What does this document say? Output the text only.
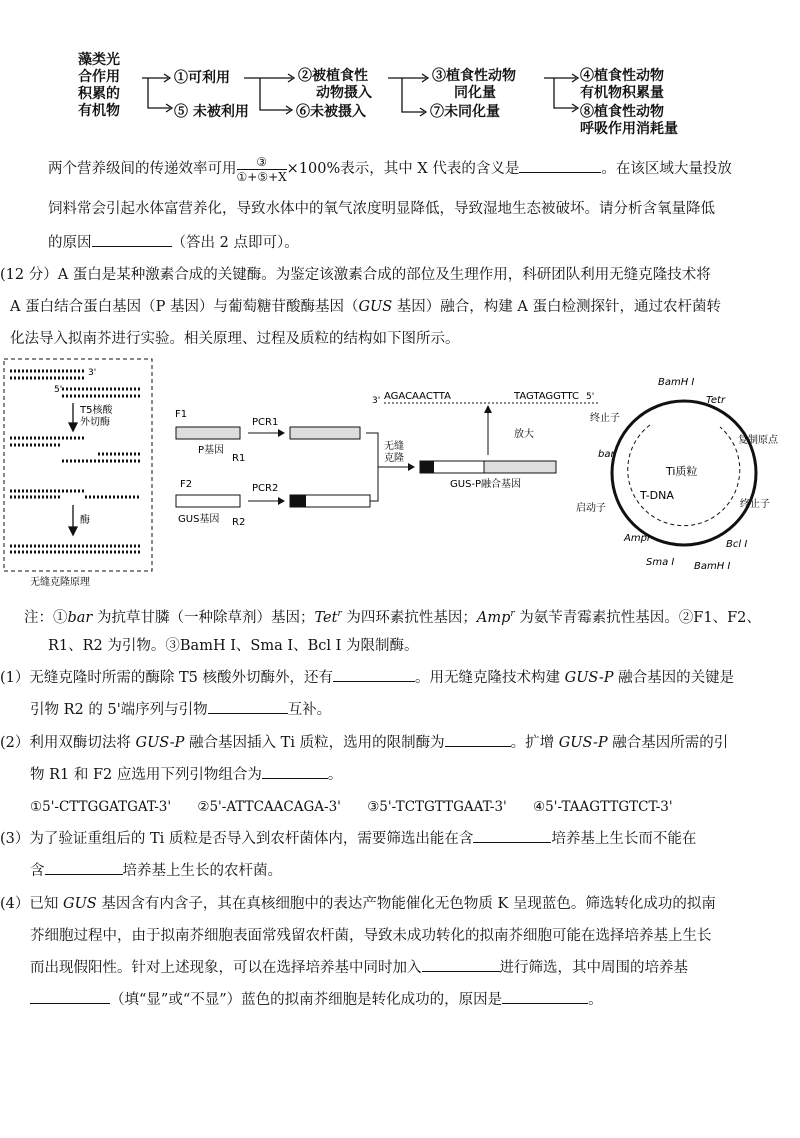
藻类光
合作用
积累的
有机物
①可利用
⑤ 未被利用
②被植食性
动物摄入
⑥未被摄入
③植食性动物
同化量
⑦未同化量
④植食性动物
有机物积累量
⑧植食性动物
呼吸作用消耗量
两个营养级间的传递效率可用 $\frac{\text{③}}{\text{①+⑤+X}} \times 100\%$表示，其中 X 代表的含义是	。在该区域大量投放
饲料常会引起水体富营养化，导致水体中的氧气浓度明显降低，导致湿地生态被破坏。请分析含氧量降低
的原因	（答出 2 点即可）。
(12 分）A 蛋白是某种激素合成的关键酶。为鉴定该激素合成的部位及生理作用，科研团队利用无缝克隆技术将
A 蛋白结合蛋白基因（P 基因）与葡萄糖苷酸酶基因（GUS 基因）融合，构建 A 蛋白检测探针，通过农杆菌转
化法导入拟南芥进行实验。相关原理、过程及质粒的结构如下图所示。
3'
5'
T5核酸
外切酶
酶
无缝克隆原理
F1
P基因
R1
PCR1
F2
GUS基因 R2
PCR2
无缝
克隆
GUS-P融合基因
放大
3' AGACAACTTA	TAGTAGGTTC 5'
Ti质粒
T-DNA
BamH I
Tetr
终止子
复制原点
bar
终止子
启动子
Ampr
Sma I
Bcl I
BamH I
注：①bar 为抗草甘膦（一种除草剂）基因；Tet$^r$ 为四环素抗性基因；Amp$^r$ 为氨苄青霉素抗性基因。②F1、F2、
R1、R2 为引物。③BamH I、Sma I、Bcl I 为限制酶。
(1）无缝克隆时所需的酶除 T5 核酸外切酶外，还有	。用无缝克隆技术构建 GUS-P 融合基因的关键是
引物 R2 的 5'端序列与引物	互补。
(2）利用双酶切法将 GUS-P 融合基因插入 Ti 质粒，选用的限制酶为	。扩增 GUS-P 融合基因所需的引
物 R1 和 F2 应选用下列引物组合为	。
①5'-CTTGGATGAT-3' ②5'-ATTCAACAGA-3' ③5'-TCTGTTGAAT-3' ④5'-TAAGTTGTCT-3'
(3）为了验证重组后的 Ti 质粒是否导入到农杆菌体内，需要筛选出能在含	培养基上生长而不能在
含	培养基上生长的农杆菌。
(4）已知 GUS 基因含有内含子，其在真核细胞中的表达产物能催化无色物质 K 呈现蓝色。筛选转化成功的拟南
芥细胞过程中，由于拟南芥细胞表面常残留农杆菌，导致未成功转化的拟南芥细胞可能在选择培养基上生长
而出现假阳性。针对上述现象，可以在选择培养基中同时加入	进行筛选，其中周围的培养基
（填“显”或“不显”）蓝色的拟南芥细胞是转化成功的，原因是	。
